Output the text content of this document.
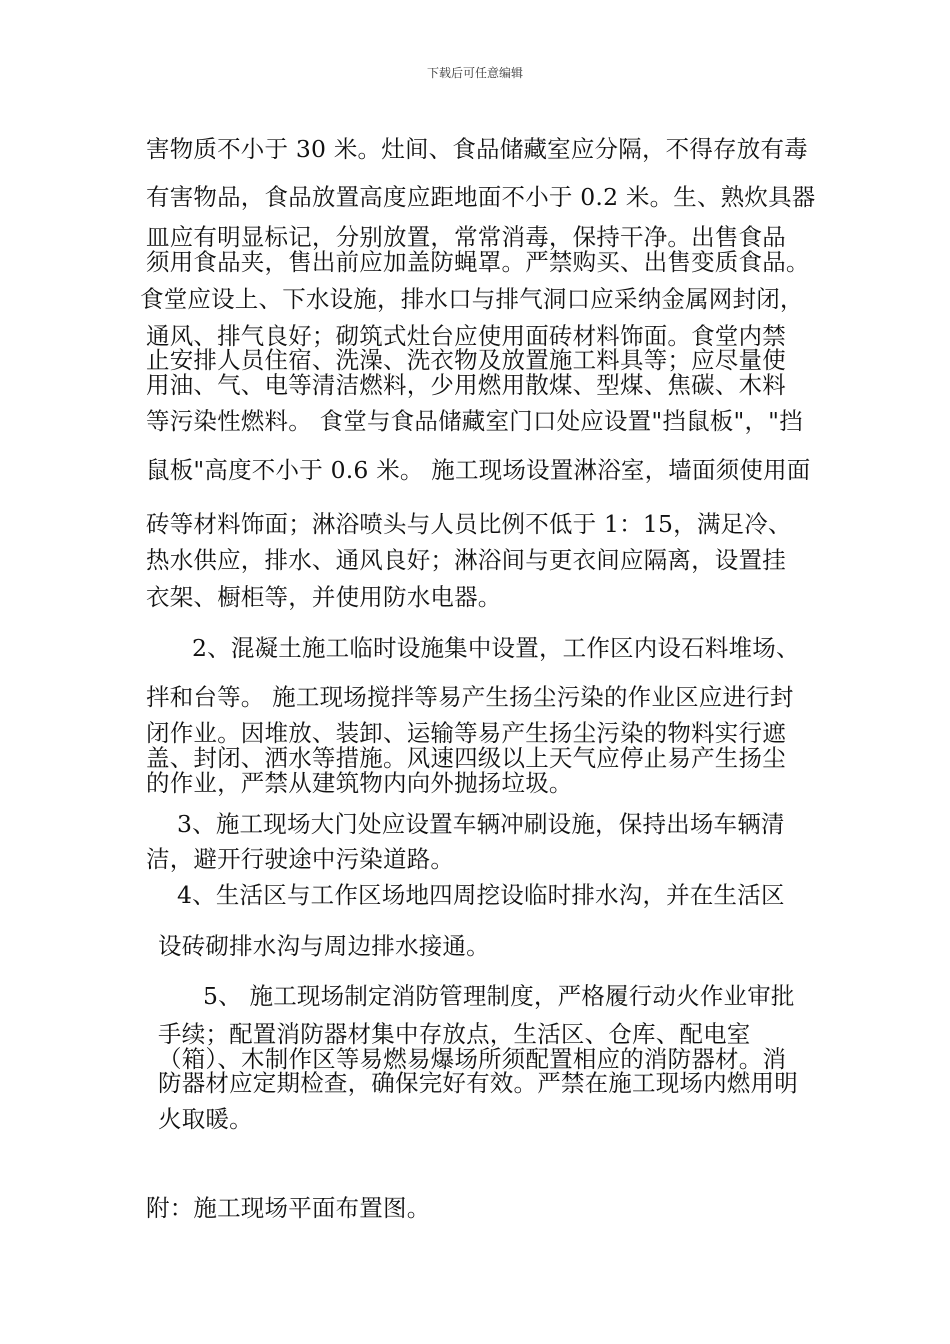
下载后可任意编辑
害物质不小于 30 米。灶间、食品储藏室应分隔，不得存放有毒
有害物品，食品放置高度应距地面不小于 0.2 米。生、熟炊具器
皿应有明显标记，分别放置，常常消毒，保持干净。出售食品
须用食品夹，售出前应加盖防蝇罩。严禁购买、出售变质食品。
食堂应设上、下水设施，排水口与排气洞口应采纳金属网封闭，
通风、排气良好；砌筑式灶台应使用面砖材料饰面。食堂内禁
止安排人员住宿、洗澡、洗衣物及放置施工料具等；应尽量使
用油、气、电等清洁燃料，少用燃用散煤、型煤、焦碳、木料
等污染性燃料。 食堂与食品储藏室门口处应设置"挡鼠板"，"挡
鼠板"高度不小于 0.6 米。 施工现场设置淋浴室，墙面须使用面
砖等材料饰面；淋浴喷头与人员比例不低于 1：15，满足冷、
热水供应，排水、通风良好；淋浴间与更衣间应隔离，设置挂
衣架、橱柜等，并使用防水电器。
2、混凝土施工临时设施集中设置，工作区内设石料堆场、
拌和台等。 施工现场搅拌等易产生扬尘污染的作业区应进行封
闭作业。因堆放、装卸、运输等易产生扬尘污染的物料实行遮
盖、封闭、洒水等措施。风速四级以上天气应停止易产生扬尘
的作业，严禁从建筑物内向外抛扬垃圾。
3、施工现场大门处应设置车辆冲刷设施，保持出场车辆清
洁，避开行驶途中污染道路。
4、生活区与工作区场地四周挖设临时排水沟，并在生活区
设砖砌排水沟与周边排水接通。
5、 施工现场制定消防管理制度，严格履行动火作业审批
手续；配置消防器材集中存放点，生活区、仓库、配电室
（箱）、木制作区等易燃易爆场所须配置相应的消防器材。消
防器材应定期检查，确保完好有效。严禁在施工现场内燃用明
火取暖。
附：施工现场平面布置图。
